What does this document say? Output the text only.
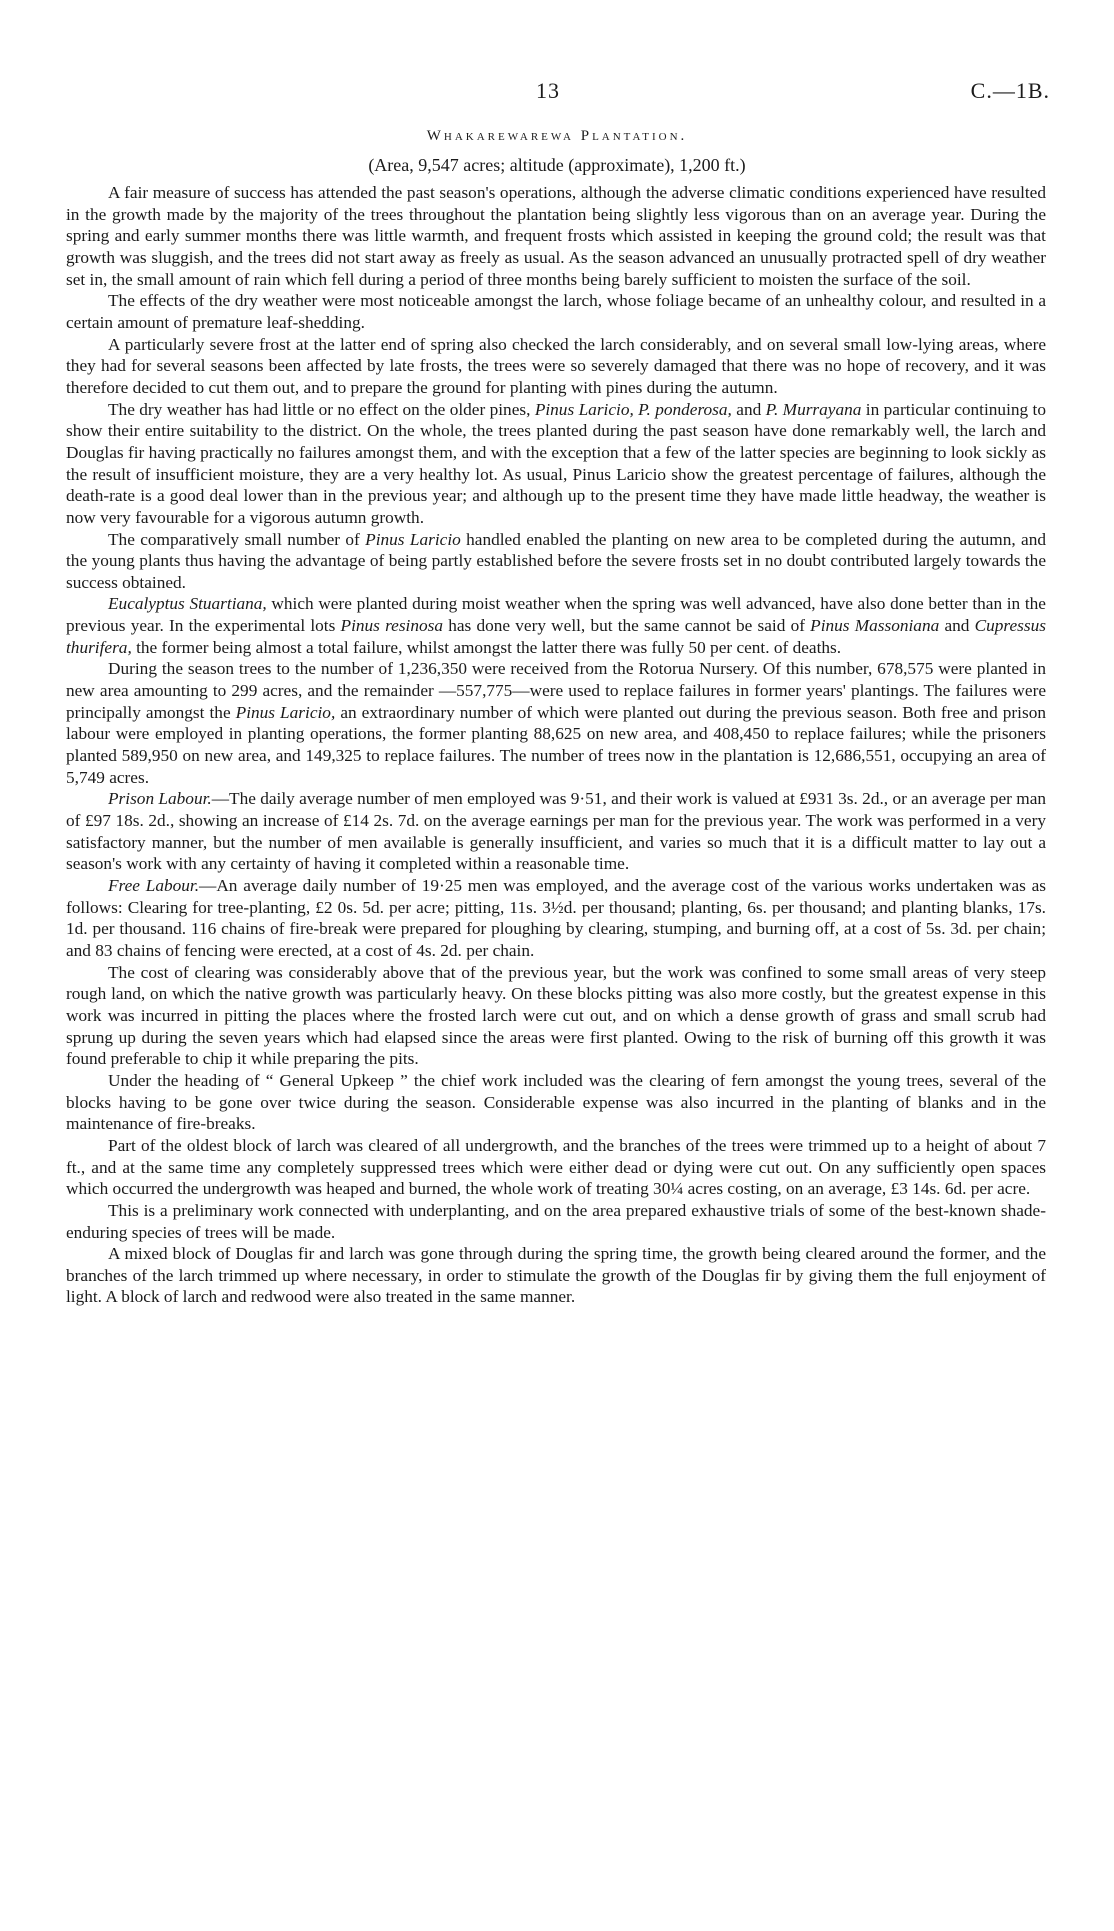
13	C.—1B.
Whakarewarewa Plantation.
(Area, 9,547 acres; altitude (approximate), 1,200 ft.)

A fair measure of success has attended the past season's operations, although the adverse climatic conditions experienced have resulted in the growth made by the majority of the trees throughout the plantation being slightly less vigorous than on an average year. During the spring and early summer months there was little warmth, and frequent frosts which assisted in keeping the ground cold; the result was that growth was sluggish, and the trees did not start away as freely as usual. As the season advanced an unusually protracted spell of dry weather set in, the small amount of rain which fell during a period of three months being barely sufficient to moisten the surface of the soil.

The effects of the dry weather were most noticeable amongst the larch, whose foliage became of an unhealthy colour, and resulted in a certain amount of premature leaf-shedding.

A particularly severe frost at the latter end of spring also checked the larch considerably, and on several small low-lying areas, where they had for several seasons been affected by late frosts, the trees were so severely damaged that there was no hope of recovery, and it was therefore decided to cut them out, and to prepare the ground for planting with pines during the autumn.

The dry weather has had little or no effect on the older pines, Pinus Laricio, P. ponderosa, and P. Murrayana in particular continuing to show their entire suitability to the district. On the whole, the trees planted during the past season have done remarkably well, the larch and Douglas fir having practically no failures amongst them, and with the exception that a few of the latter species are beginning to look sickly as the result of insufficient moisture, they are a very healthy lot. As usual, Pinus Laricio show the greatest percentage of failures, although the death-rate is a good deal lower than in the previous year; and although up to the present time they have made little headway, the weather is now very favourable for a vigorous autumn growth.

The comparatively small number of Pinus Laricio handled enabled the planting on new area to be completed during the autumn, and the young plants thus having the advantage of being partly established before the severe frosts set in no doubt contributed largely towards the success obtained.

Eucalyptus Stuartiana, which were planted during moist weather when the spring was well advanced, have also done better than in the previous year. In the experimental lots Pinus resinosa has done very well, but the same cannot be said of Pinus Massoniana and Cupressus thurifera, the former being almost a total failure, whilst amongst the latter there was fully 50 per cent. of deaths.

During the season trees to the number of 1,236,350 were received from the Rotorua Nursery. Of this number, 678,575 were planted in new area amounting to 299 acres, and the remainder —557,775—were used to replace failures in former years' plantings. The failures were principally amongst the Pinus Laricio, an extraordinary number of which were planted out during the previous season. Both free and prison labour were employed in planting operations, the former planting 88,625 on new area, and 408,450 to replace failures; while the prisoners planted 589,950 on new area, and 149,325 to replace failures. The number of trees now in the plantation is 12,686,551, occupying an area of 5,749 acres.

Prison Labour.—The daily average number of men employed was 9·51, and their work is valued at £931 3s. 2d., or an average per man of £97 18s. 2d., showing an increase of £14 2s. 7d. on the average earnings per man for the previous year. The work was performed in a very satisfactory manner, but the number of men available is generally insufficient, and varies so much that it is a difficult matter to lay out a season's work with any certainty of having it completed within a reasonable time.

Free Labour.—An average daily number of 19·25 men was employed, and the average cost of the various works undertaken was as follows: Clearing for tree-planting, £2 0s. 5d. per acre; pitting, 11s. 3½d. per thousand; planting, 6s. per thousand; and planting blanks, 17s. 1d. per thousand. 116 chains of fire-break were prepared for ploughing by clearing, stumping, and burning off, at a cost of 5s. 3d. per chain; and 83 chains of fencing were erected, at a cost of 4s. 2d. per chain.

The cost of clearing was considerably above that of the previous year, but the work was confined to some small areas of very steep rough land, on which the native growth was particularly heavy. On these blocks pitting was also more costly, but the greatest expense in this work was incurred in pitting the places where the frosted larch were cut out, and on which a dense growth of grass and small scrub had sprung up during the seven years which had elapsed since the areas were first planted. Owing to the risk of burning off this growth it was found preferable to chip it while preparing the pits.

Under the heading of “ General Upkeep ” the chief work included was the clearing of fern amongst the young trees, several of the blocks having to be gone over twice during the season. Considerable expense was also incurred in the planting of blanks and in the maintenance of fire-breaks.

Part of the oldest block of larch was cleared of all undergrowth, and the branches of the trees were trimmed up to a height of about 7 ft., and at the same time any completely suppressed trees which were either dead or dying were cut out. On any sufficiently open spaces which occurred the undergrowth was heaped and burned, the whole work of treating 30¼ acres costing, on an average, £3 14s. 6d. per acre.

This is a preliminary work connected with underplanting, and on the area prepared exhaustive trials of some of the best-known shade-enduring species of trees will be made.

A mixed block of Douglas fir and larch was gone through during the spring time, the growth being cleared around the former, and the branches of the larch trimmed up where necessary, in order to stimulate the growth of the Douglas fir by giving them the full enjoyment of light. A block of larch and redwood were also treated in the same manner.
